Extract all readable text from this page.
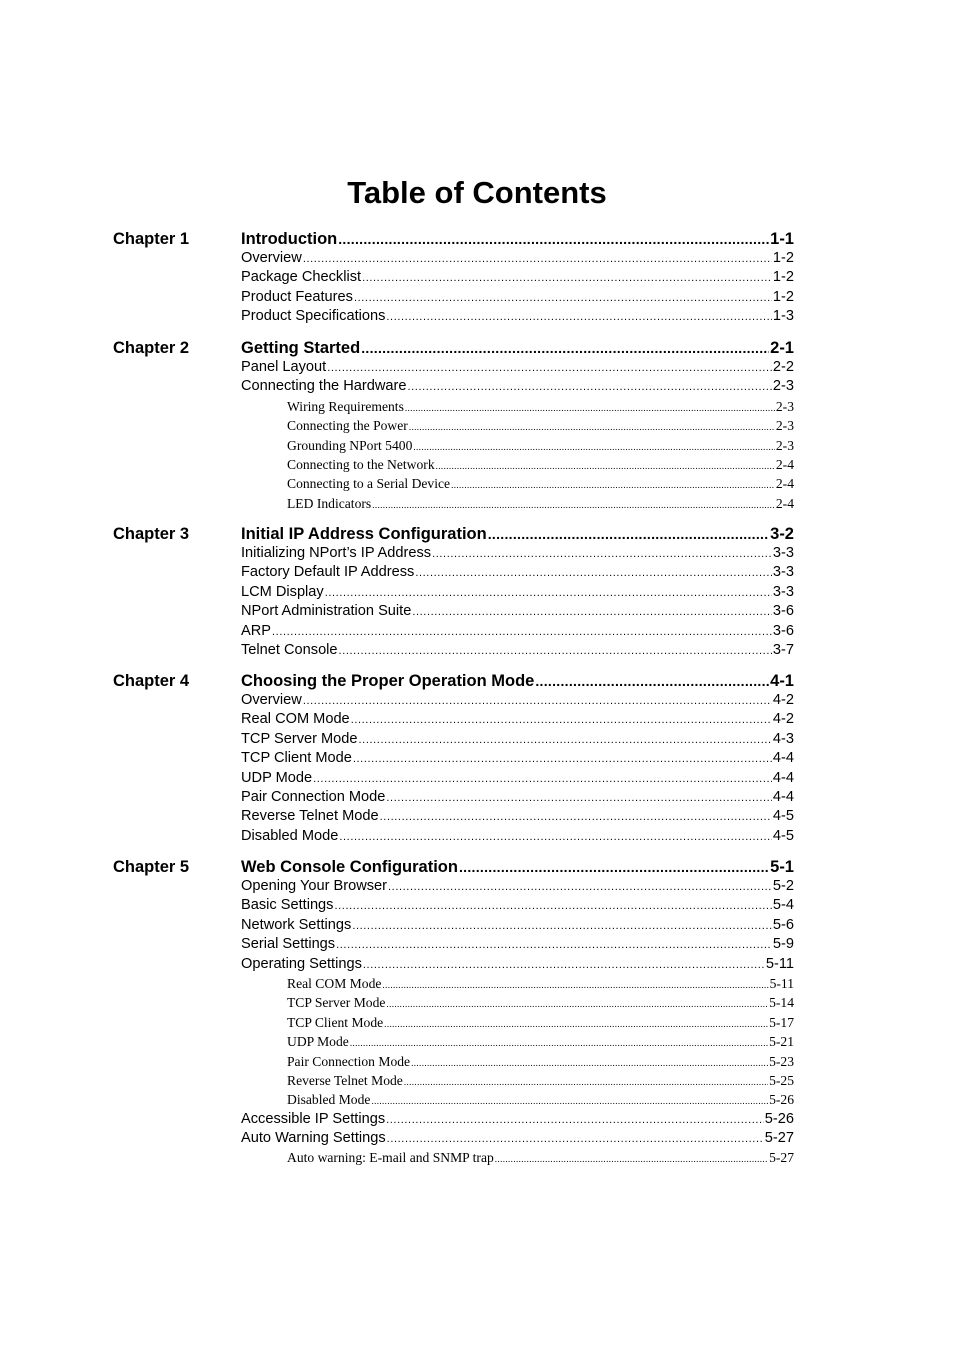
Table of Contents
Chapter 1	Introduction .....	1-1
Overview .....	1-2
Package Checklist .....	1-2
Product Features .....	1-2
Product Specifications .....	1-3
Chapter 2	Getting Started .....	2-1
Panel Layout .....	2-2
Connecting the Hardware .....	2-3
Wiring Requirements .....	2-3
Connecting the Power .....	2-3
Grounding NPort 5400 .....	2-3
Connecting to the Network .....	2-4
Connecting to a Serial Device .....	2-4
LED Indicators .....	2-4
Chapter 3	Initial IP Address Configuration .....	3-2
Initializing NPort’s IP Address .....	3-3
Factory Default IP Address .....	3-3
LCM Display .....	3-3
NPort Administration Suite .....	3-6
ARP .....	3-6
Telnet Console .....	3-7
Chapter 4	Choosing the Proper Operation Mode .....	4-1
Overview .....	4-2
Real COM Mode .....	4-2
TCP Server Mode .....	4-3
TCP Client Mode .....	4-4
UDP Mode .....	4-4
Pair Connection Mode .....	4-4
Reverse Telnet Mode .....	4-5
Disabled Mode .....	4-5
Chapter 5	Web Console Configuration .....	5-1
Opening Your Browser .....	5-2
Basic Settings .....	5-4
Network Settings .....	5-6
Serial Settings .....	5-9
Operating Settings .....	5-11
Real COM Mode .....	5-11
TCP Server Mode .....	5-14
TCP Client Mode .....	5-17
UDP Mode .....	5-21
Pair Connection Mode .....	5-23
Reverse Telnet Mode .....	5-25
Disabled Mode .....	5-26
Accessible IP Settings .....	5-26
Auto Warning Settings .....	5-27
Auto warning: E-mail and SNMP trap .....	5-27
